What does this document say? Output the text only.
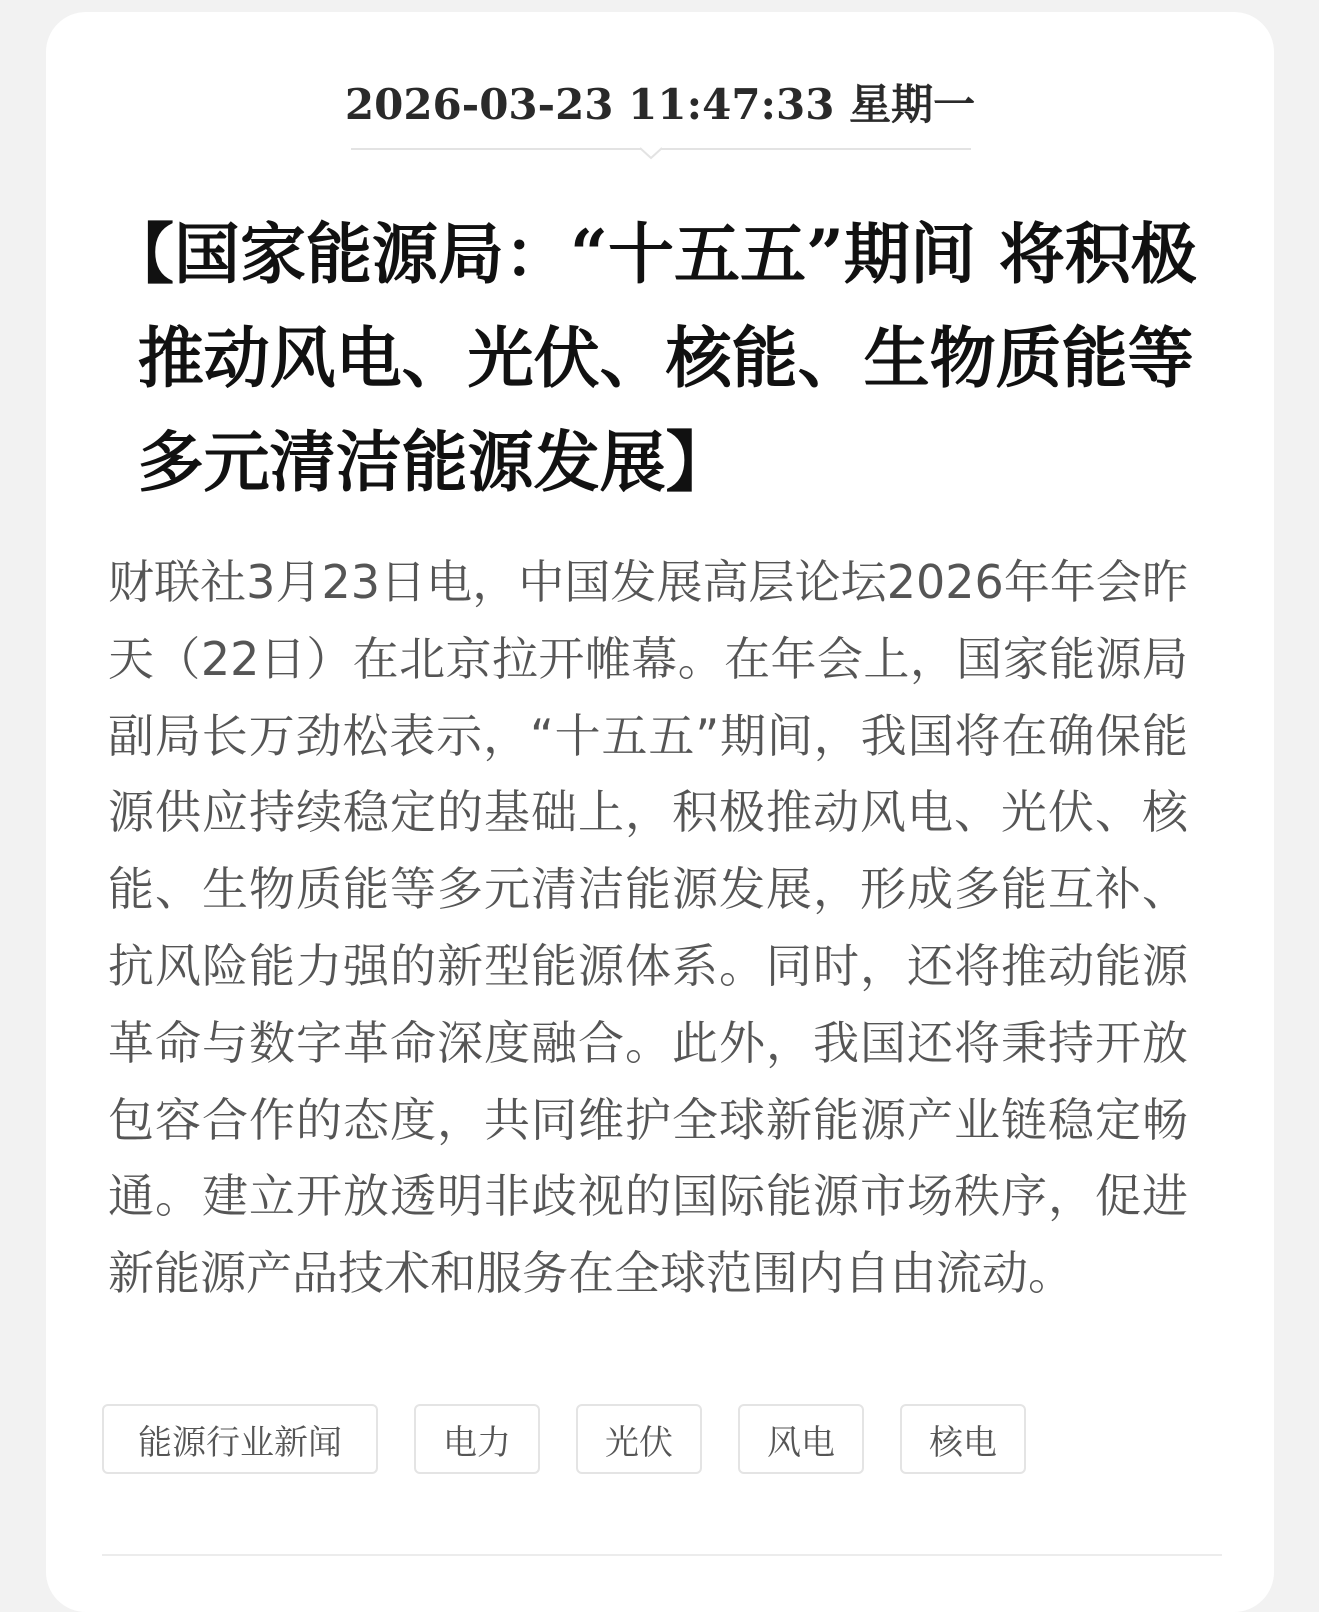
2026-03-23 11:47:33 星期一
【国家能源局：“十五五”期间 将积极推动风电、光伏、核能、生物质能等多元清洁能源发展】

财联社3月23日电，中国发展高层论坛2026年年会昨天（22日）在北京拉开帷幕。在年会上，国家能源局副局长万劲松表示，“十五五”期间，我国将在确保能源供应持续稳定的基础上，积极推动风电、光伏、核能、生物质能等多元清洁能源发展，形成多能互补、抗风险能力强的新型能源体系。同时，还将推动能源革命与数字革命深度融合。此外，我国还将秉持开放包容合作的态度，共同维护全球新能源产业链稳定畅通。建立开放透明非歧视的国际能源市场秩序，促进新能源产品技术和服务在全球范围内自由流动。

能源行业新闻	电力	光伏	风电	核电
